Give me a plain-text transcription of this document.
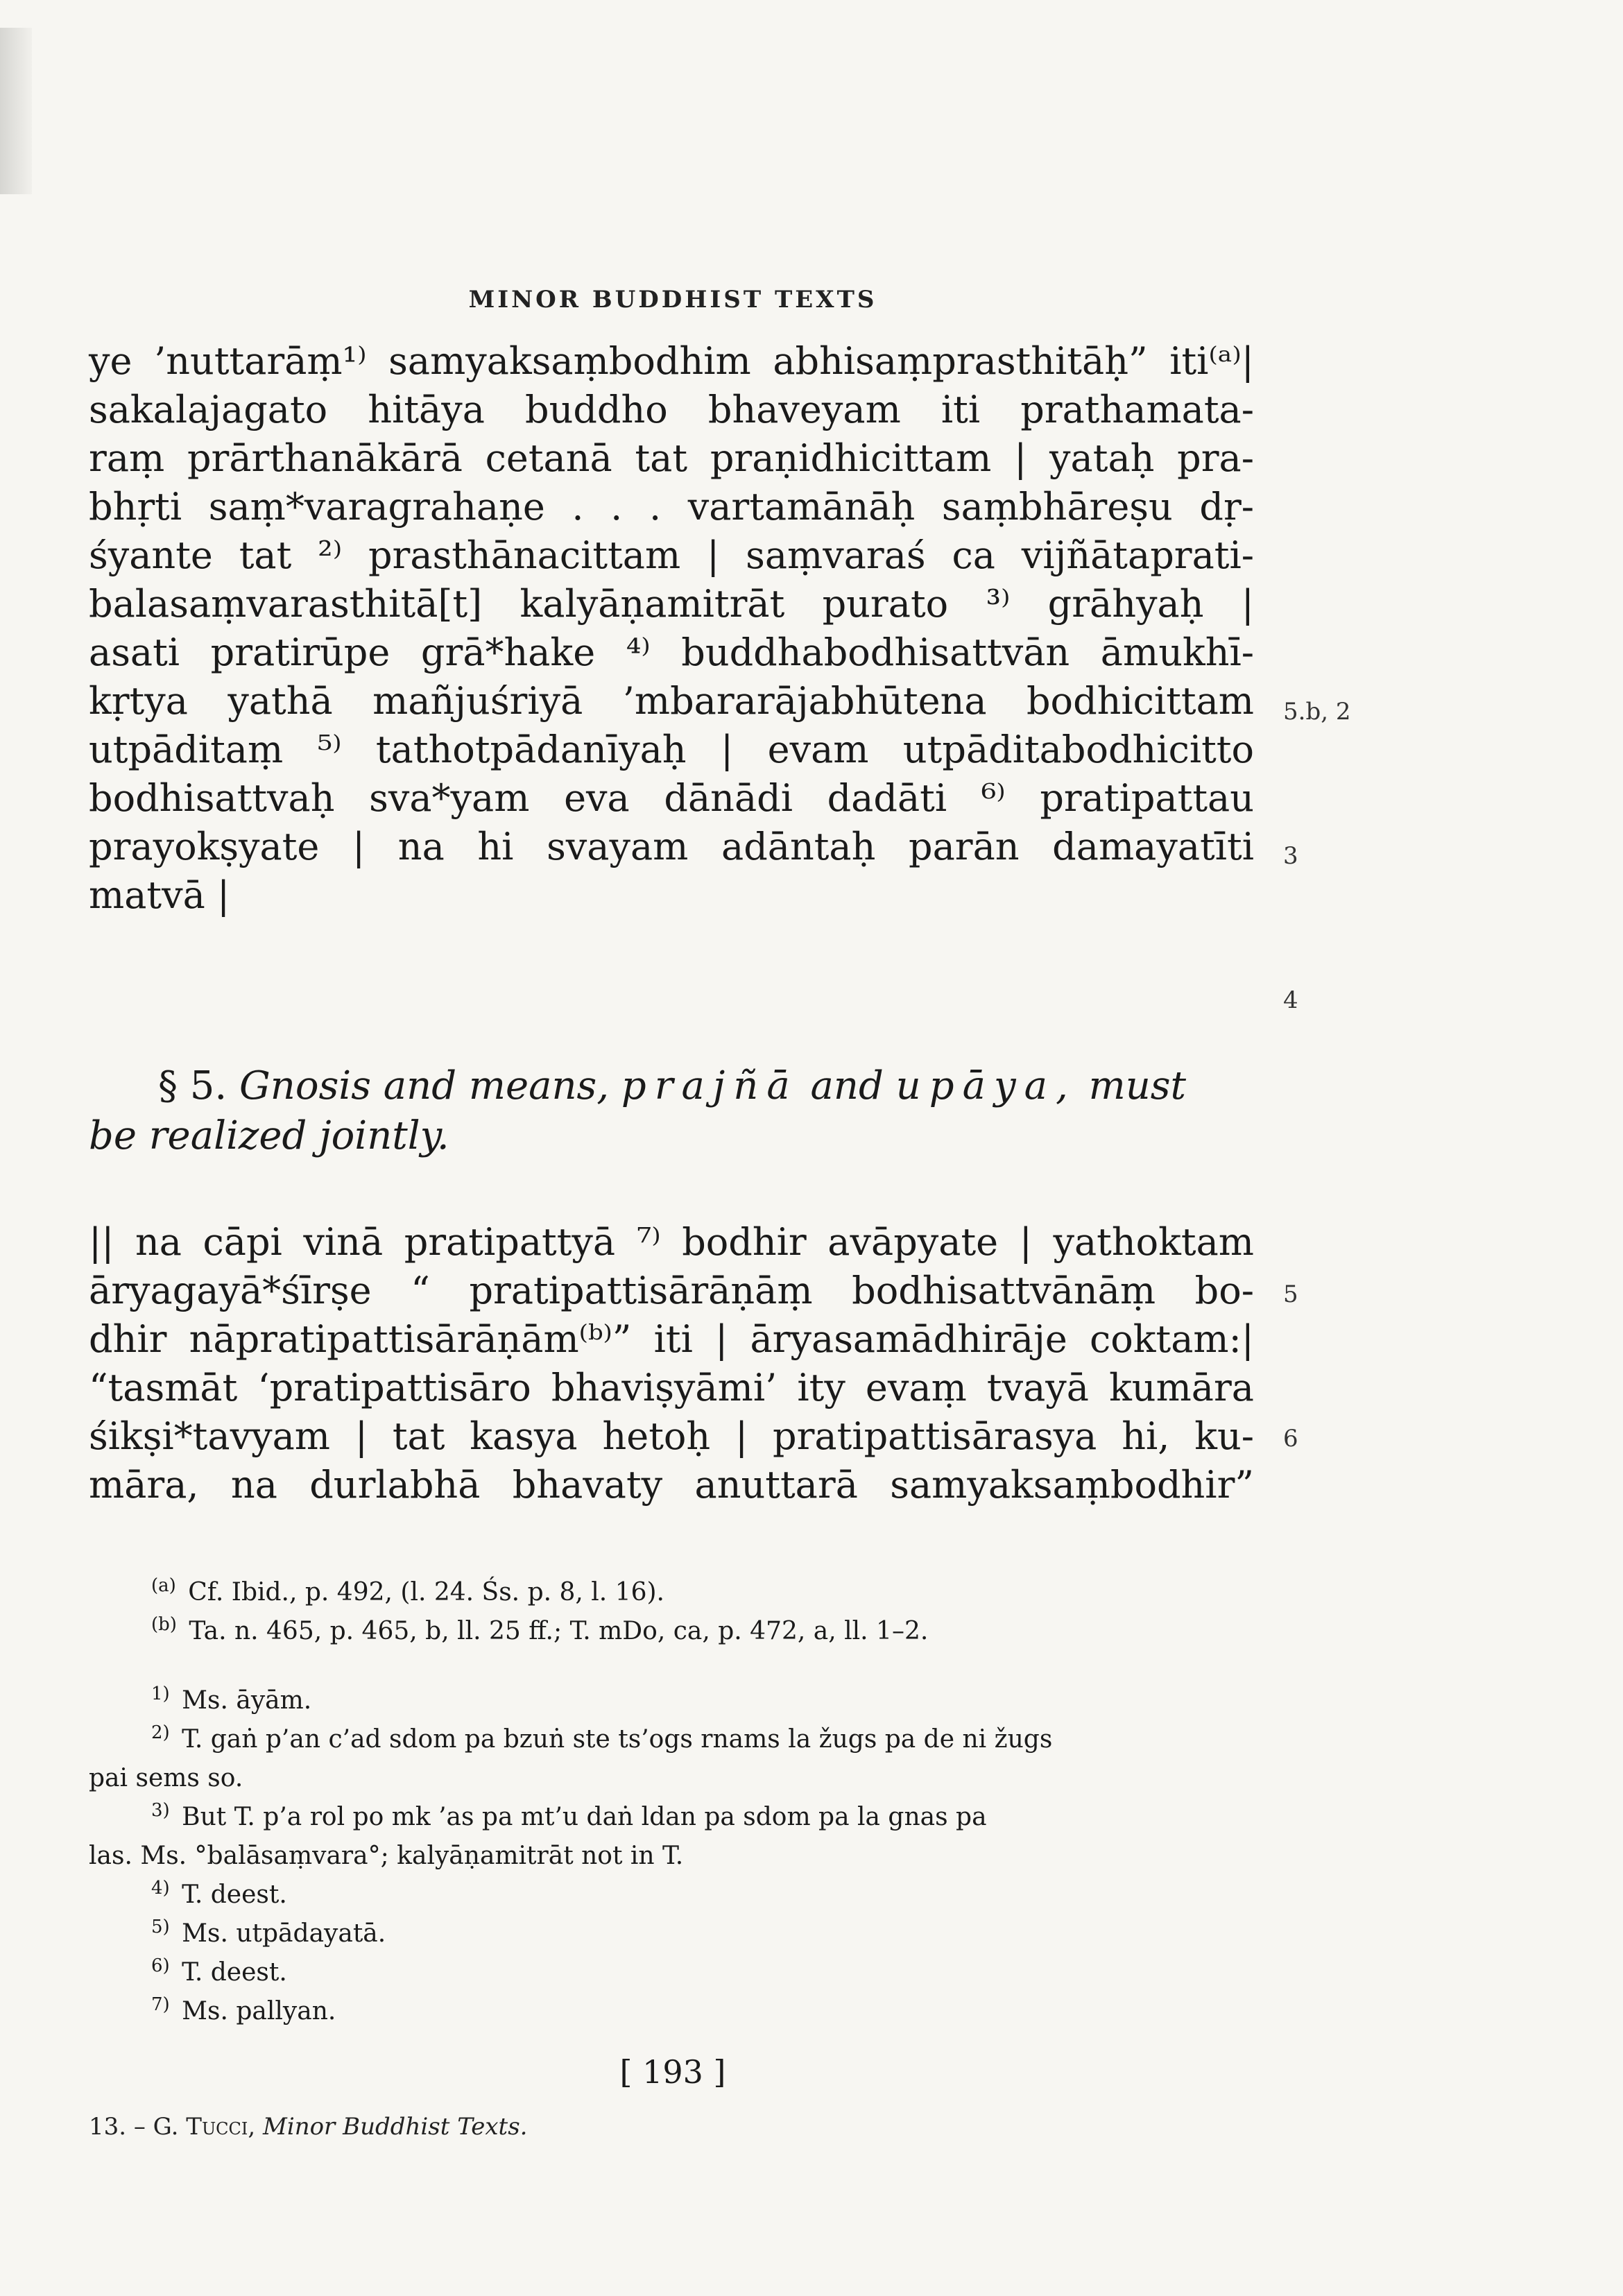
MINOR BUDDHIST TEXTS
ye ’nuttarāṃ¹⁾ samyaksaṃbodhim abhisaṃprasthitāḥ” iti⁽ᵃ⁾|
sakalajagato hitāya buddho bhaveyam iti prathamata-
raṃ prārthanākārā cetanā tat praṇidhicittam | yataḥ pra-
bhṛti saṃ*varagrahaṇe . . . vartamānāḥ saṃbhāreṣu dṛ-
śyante tat ²⁾ prasthānacittam | saṃvaraś ca vijñātaprati-
balasaṃvarasthitā[t] kalyāṇamitrāt purato ³⁾ grāhyaḥ |
asati pratirūpe grā*hake ⁴⁾ buddhabodhisattvān āmukhī-
kṛtya yathā mañjuśriyā ’mbararājabhūtena bodhicittam
utpāditaṃ ⁵⁾ tathotpādanīyaḥ | evam utpāditabodhicitto
bodhisattvaḥ sva*yam eva dānādi dadāti ⁶⁾ pratipattau
prayokṣyate | na hi svayam adāntaḥ parān damayatīti
matvā |
5.b, 2
3
4
§ 5. Gnosis and means, prajñā and upāya, must
be realized jointly.
|| na cāpi vinā pratipattyā ⁷⁾ bodhir avāpyate | yathoktam
āryagayā*śīrṣe “ pratipattisārāṇāṃ bodhisattvānāṃ bo-
dhir nāpratipattisārāṇām⁽ᵇ⁾” iti | āryasamādhirāje coktam:|
“tasmāt ‘pratipattisāro bhaviṣyāmi’ ity evaṃ tvayā kumāra
śikṣi*tavyam | tat kasya hetoḥ | pratipattisārasya hi, ku-
māra, na durlabhā bhavaty anuttarā samyaksaṃbodhir”
5
6
$^{(a)}$ Cf. Ibid., p. 492, (l. 24. Śs. p. 8, l. 16).
$^{(b)}$ Ta. n. 465, p. 465, b, ll. 25 ff.; T. mDo, ca, p. 472, a, ll. 1–2.
$^{1)}$ Ms. āyām.
$^{2)}$ T. gaṅ p’an c’ad sdom pa bzuṅ ste ts’ogs rnams la žugs pa de ni žugs
pai sems so.
$^{3)}$ But T. p’a rol po mk ’as pa mt’u daṅ ldan pa sdom pa la gnas pa
las. Ms. °balāsaṃvara°; kalyāṇamitrāt not in T.
$^{4)}$ T. deest.
$^{5)}$ Ms. utpādayatā.
$^{6)}$ T. deest.
$^{7)}$ Ms. pallyan.
[ 193 ]
13. – G. Tucci, Minor Buddhist Texts.
